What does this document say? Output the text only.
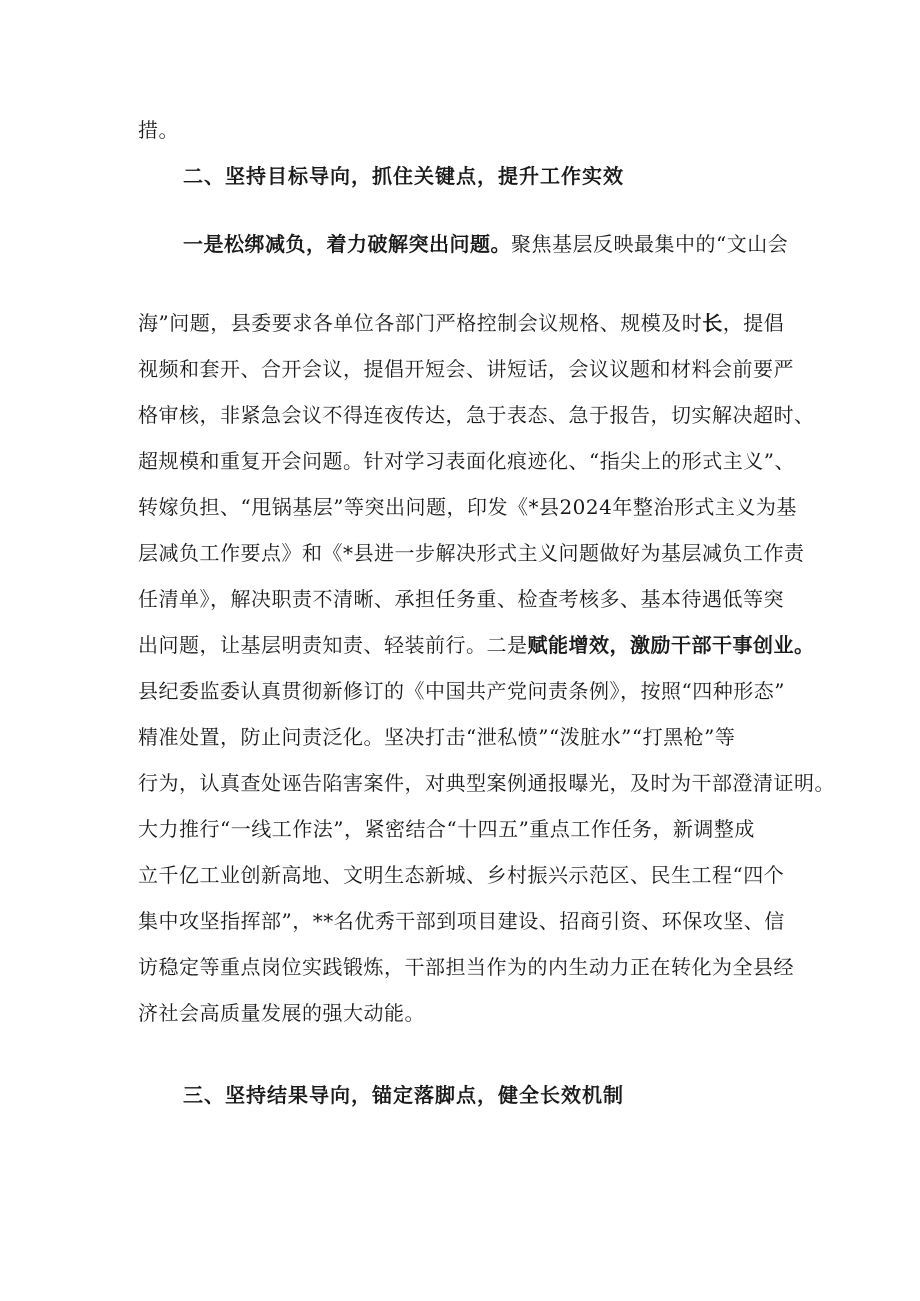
措。
二、坚持目标导向，抓住关键点，提升工作实效
一是松绑减负，着力破解突出问题。聚焦基层反映最集中的“文山会
海”问题，县委要求各单位各部门严格控制会议规格、规模及时长，提倡
视频和套开、合开会议，提倡开短会、讲短话，会议议题和材料会前要严
格审核，非紧急会议不得连夜传达，急于表态、急于报告，切实解决超时、
超规模和重复开会问题。针对学习表面化痕迹化、“指尖上的形式主义”、
转嫁负担、“甩锅基层”等突出问题，印发《*县2024年整治形式主义为基
层减负工作要点》和《*县进一步解决形式主义问题做好为基层减负工作责
任清单》，解决职责不清晰、承担任务重、检查考核多、基本待遇低等突
出问题，让基层明责知责、轻装前行。二是赋能增效，激励干部干事创业。
县纪委监委认真贯彻新修订的《中国共产党问责条例》，按照“四种形态”
精准处置，防止问责泛化。坚决打击“泄私愤”“泼脏水”“打黑枪”等
行为，认真查处诬告陷害案件，对典型案例通报曝光，及时为干部澄清证明。
大力推行“一线工作法”，紧密结合“十四五”重点工作任务，新调整成
立千亿工业创新高地、文明生态新城、乡村振兴示范区、民生工程“四个
集中攻坚指挥部”，**名优秀干部到项目建设、招商引资、环保攻坚、信
访稳定等重点岗位实践锻炼，干部担当作为的内生动力正在转化为全县经
济社会高质量发展的强大动能。
三、坚持结果导向，锚定落脚点，健全长效机制
